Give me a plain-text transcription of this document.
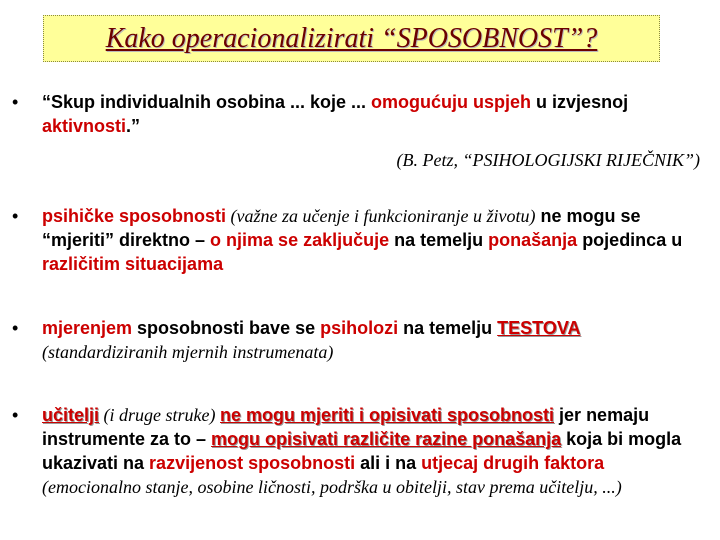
Kako operacionalizirati “SPOSOBNOST”?
• “Skup individualnih osobina ... koje ... omogućuju uspjeh u izvjesnoj aktivnosti.”
(B. Petz, “PSIHOLOGIJSKI RIJEČNIK”)
• psihičke sposobnosti (važne za učenje i funkcioniranje u životu) ne mogu se “mjeriti” direktno – o njima se zaključuje na temelju ponašanja pojedinca u različitim situacijama
• mjerenjem sposobnosti bave se psiholozi na temelju TESTOVA
(standardiziranih mjernih instrumenata)
• učitelji (i druge struke) ne mogu mjeriti i opisivati sposobnosti jer nemaju instrumente za to – mogu opisivati različite razine ponašanja koja bi mogla ukazivati na razvijenost sposobnosti ali i na utjecaj drugih faktora (emocionalno stanje, osobine ličnosti, podrška u obitelji, stav prema učitelju, ...)
